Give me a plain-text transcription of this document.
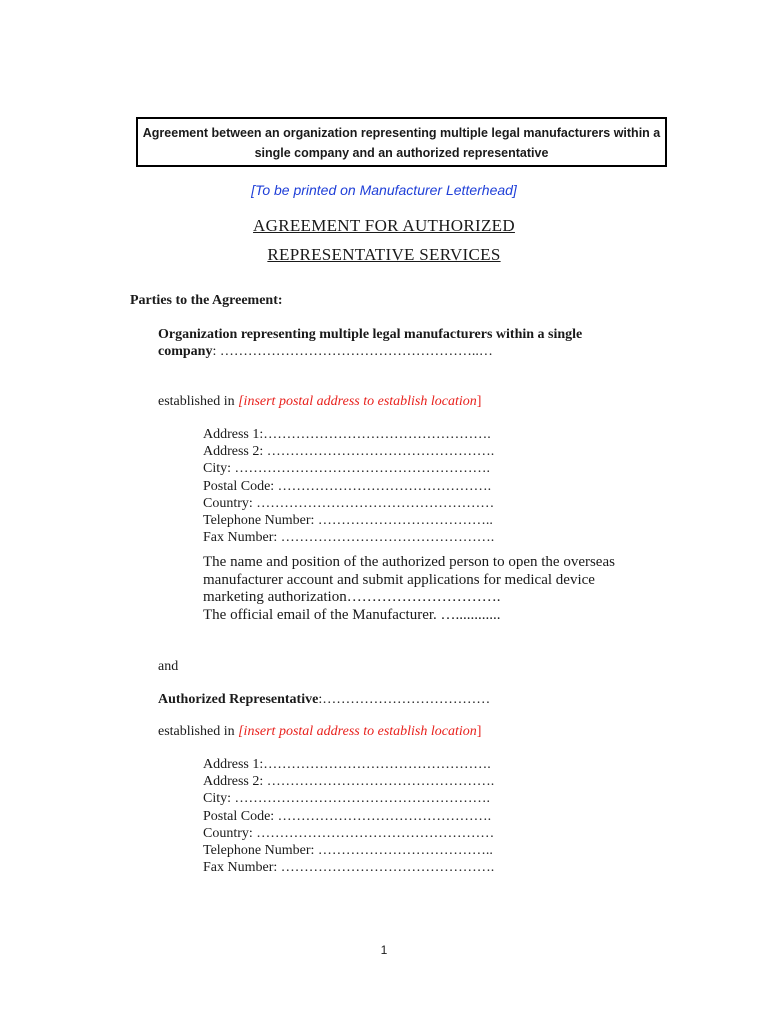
Agreement between an organization representing multiple legal manufacturers within a
single company and an authorized representative
[To be printed on Manufacturer Letterhead]
AGREEMENT FOR AUTHORIZED
REPRESENTATIVE SERVICES
Parties to the Agreement:
Organization representing multiple legal manufacturers within a single
company: ………………………………………………..…
established in [insert postal address to establish location]
Address 1:………………………………………….
Address 2: ………………………………………….
City: ……………………………………………….
Postal Code: ……………………………………….
Country: ……………………………………………
Telephone Number: ………………………………..
Fax Number: ……………………………………….
The name and position of the authorized person to open the overseas
manufacturer account and submit applications for medical device
marketing authorization………………………….
The official email of the Manufacturer. …............
and
Authorized Representative:………………………………
established in [insert postal address to establish location]
Address 1:………………………………………….
Address 2: ………………………………………….
City: ……………………………………………….
Postal Code: ……………………………………….
Country: ……………………………………………
Telephone Number: ………………………………..
Fax Number: ……………………………………….
1
